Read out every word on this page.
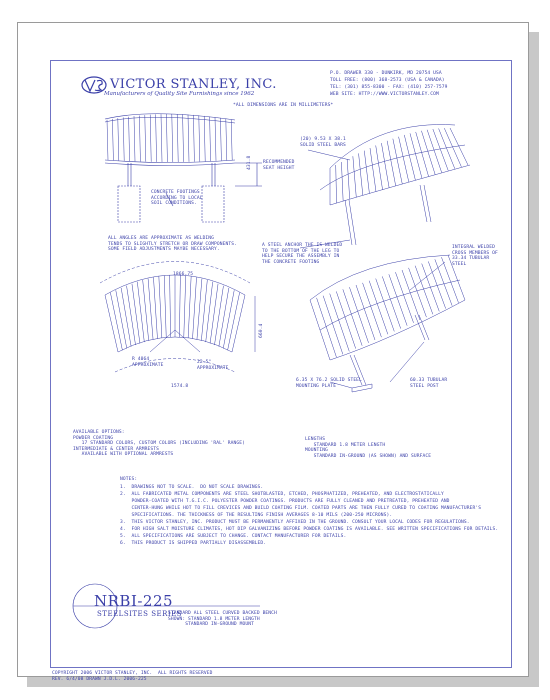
VICTOR STANLEY, INC.
Manufacturers of Quality Site Furnishings since 1962
P.O. DRAWER 330 - DUNKIRK, MD 20754 USA
TOLL FREE: (800) 368-2573 (USA & CANADA)
TEL: (301) 855-8300 - FAX: (410) 257-7579
WEB SITE: HTTP://WWW.VICTORSTANLEY.COM
*ALL DIMENSIONS ARE IN MILLIMETERS*
431.8 RECOMMENDED
SEAT HEIGHT
CONCRETE FOOTINGS
ACCORDING TO LOCAL
SOIL CONDITIONS.
ALL ANGLES ARE APPROXIMATE AS WELDING
TENDS TO SLIGHTLY STRETCH OR DRAW COMPONENTS.
SOME FIELD ADJUSTMENTS MAYBE NECESSARY.
1866.75
660.4
R 4064
APPROXIMATE
22.5°
APPROXIMATE
1574.8
(20) 9.53 X 38.1
SOLID STEEL BARS
A STEEL ANCHOR THE IS WELDED
TO THE BOTTOM OF THE LEG TO
HELP SECURE THE ASSEMBLY IN
THE CONCRETE FOOTING
INTEGRAL WELDED
CROSS MEMBERS OF
33.34 TUBULAR
STEEL
6.35 X 76.2 SOLID STEEL
MOUNTING PLATE
60.33 TUBULAR
STEEL POST
AVAILABLE OPTIONS:
POWDER COATING
17 STANDARD COLORS, CUSTOM COLORS (INCLUDING 'RAL' RANGE)
INTERMEDIATE & CENTER ARMRESTS
AVAILABLE WITH OPTIONAL ARMRESTS
LENGTHS
STANDARD 1.8 METER LENGTH
MOUNTING
STANDARD IN-GROUND (AS SHOWN) AND SURFACE
NOTES:
1.  DRAWINGS NOT TO SCALE.  DO NOT SCALE DRAWINGS.
2.  ALL FABRICATED METAL COMPONENTS ARE STEEL SHOTBLASTED, ETCHED, PHOSPHATIZED, PREHEATED, AND ELECTROSTATICALLY
POWDER-COATED WITH T.G.I.C. POLYESTER POWDER COATINGS. PRODUCTS ARE FULLY CLEANED AND PRETREATED, PREHEATED AND
CENTER-HUNG WHILE HOT TO FILL CREVICES AND BUILD COATING FILM. COATED PARTS ARE THEN FULLY CURED TO COATING MANUFACTURER'S
SPECIFICATIONS. THE THICKNESS OF THE RESULTING FINISH AVERAGES 8-10 MILS (200-250 MICRONS).
3.  THIS VICTOR STANLEY, INC. PRODUCT MUST BE PERMANENTLY AFFIXED IN THE GROUND. CONSULT YOUR LOCAL CODES FOR REGULATIONS.
4.  FOR HIGH SALT MOISTURE CLIMATES, HOT DIP GALVANIZING BEFORE POWDER COATING IS AVAILABLE. SEE WRITTEN SPECIFICATIONS FOR DETAILS.
5.  ALL SPECIFICATIONS ARE SUBJECT TO CHANGE. CONTACT MANUFACTURER FOR DETAILS.
6.  THIS PRODUCT IS SHIPPED PARTIALLY DISASSEMBLED.
NRBI-225
STEELSITES SERIES
STANDARD ALL STEEL CURVED BACKED BENCH
SHOWN: STANDARD 1.8 METER LENGTH
STANDARD IN-GROUND MOUNT
COPYRIGHT 2006 VICTOR STANLEY, INC.  ALL RIGHTS RESERVED
REV. 6/4/08 DRAWN J.D.L. 2006-225
